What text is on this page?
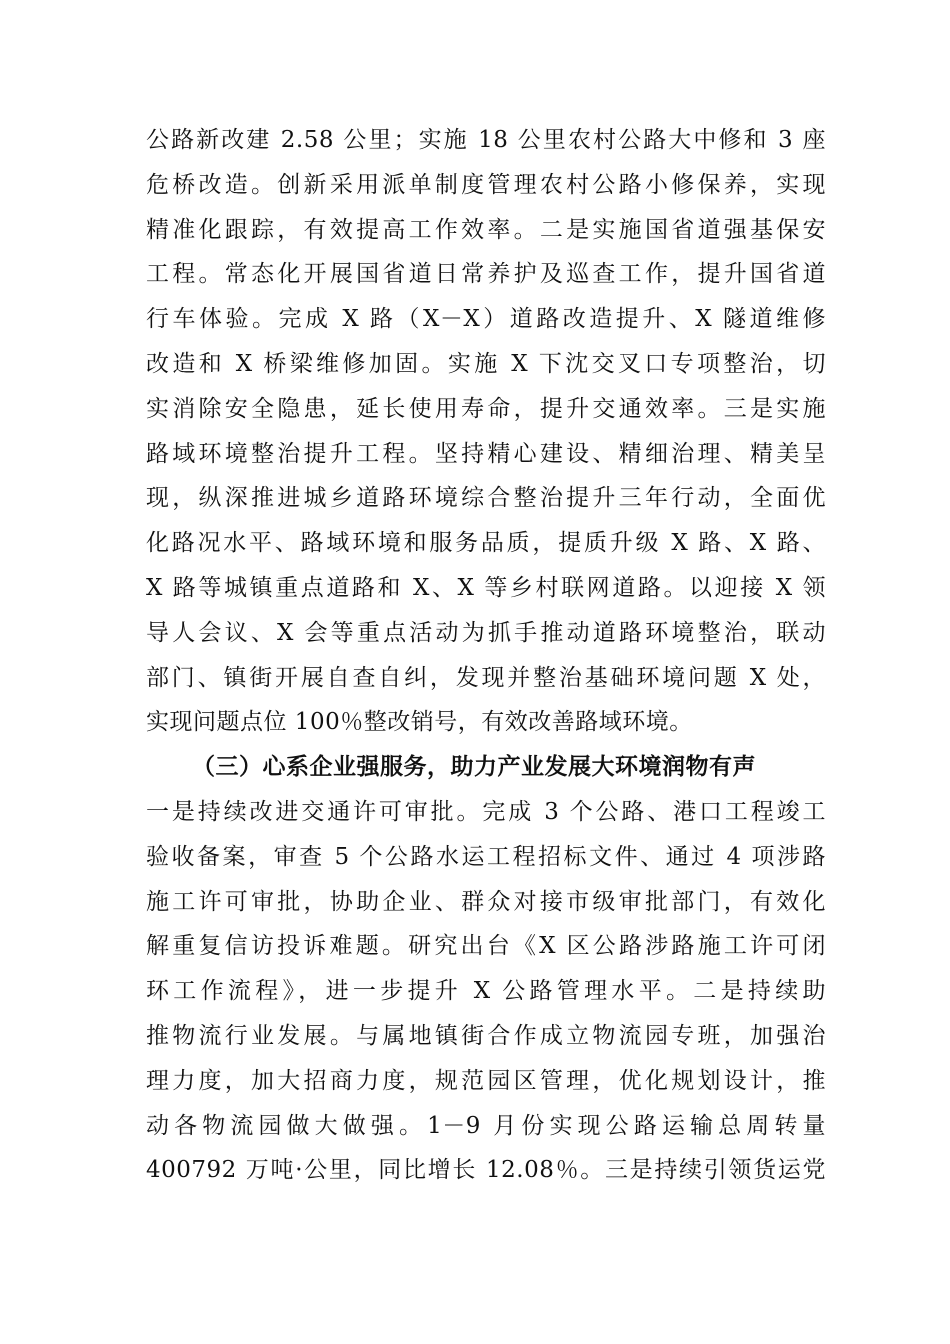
公路新改建 2.58 公里；实施 18 公里农村公路大中修和 3 座
危桥改造。创新采用派单制度管理农村公路小修保养，实现
精准化跟踪，有效提高工作效率。二是实施国省道强基保安
工程。常态化开展国省道日常养护及巡查工作，提升国省道
行车体验。完成 X 路（X－X）道路改造提升、X 隧道维修
改造和 X 桥梁维修加固。实施 X 下沈交叉口专项整治，切
实消除安全隐患，延长使用寿命，提升交通效率。三是实施
路域环境整治提升工程。坚持精心建设、精细治理、精美呈
现，纵深推进城乡道路环境综合整治提升三年行动，全面优
化路况水平、路域环境和服务品质，提质升级 X 路、X 路、
X 路等城镇重点道路和 X、X 等乡村联网道路。以迎接 X 领
导人会议、X 会等重点活动为抓手推动道路环境整治，联动
部门、镇街开展自查自纠，发现并整治基础环境问题 X 处，
实现问题点位 100％整改销号，有效改善路域环境。
（三）心系企业强服务，助力产业发展大环境润物有声
一是持续改进交通许可审批。完成 3 个公路、港口工程竣工
验收备案，审查 5 个公路水运工程招标文件、通过 4 项涉路
施工许可审批，协助企业、群众对接市级审批部门，有效化
解重复信访投诉难题。研究出台《X 区公路涉路施工许可闭
环工作流程》，进一步提升 X 公路管理水平。二是持续助
推物流行业发展。与属地镇街合作成立物流园专班，加强治
理力度，加大招商力度，规范园区管理，优化规划设计，推
动各物流园做大做强。1－9 月份实现公路运输总周转量
400792 万吨·公里，同比增长 12.08％。三是持续引领货运党
